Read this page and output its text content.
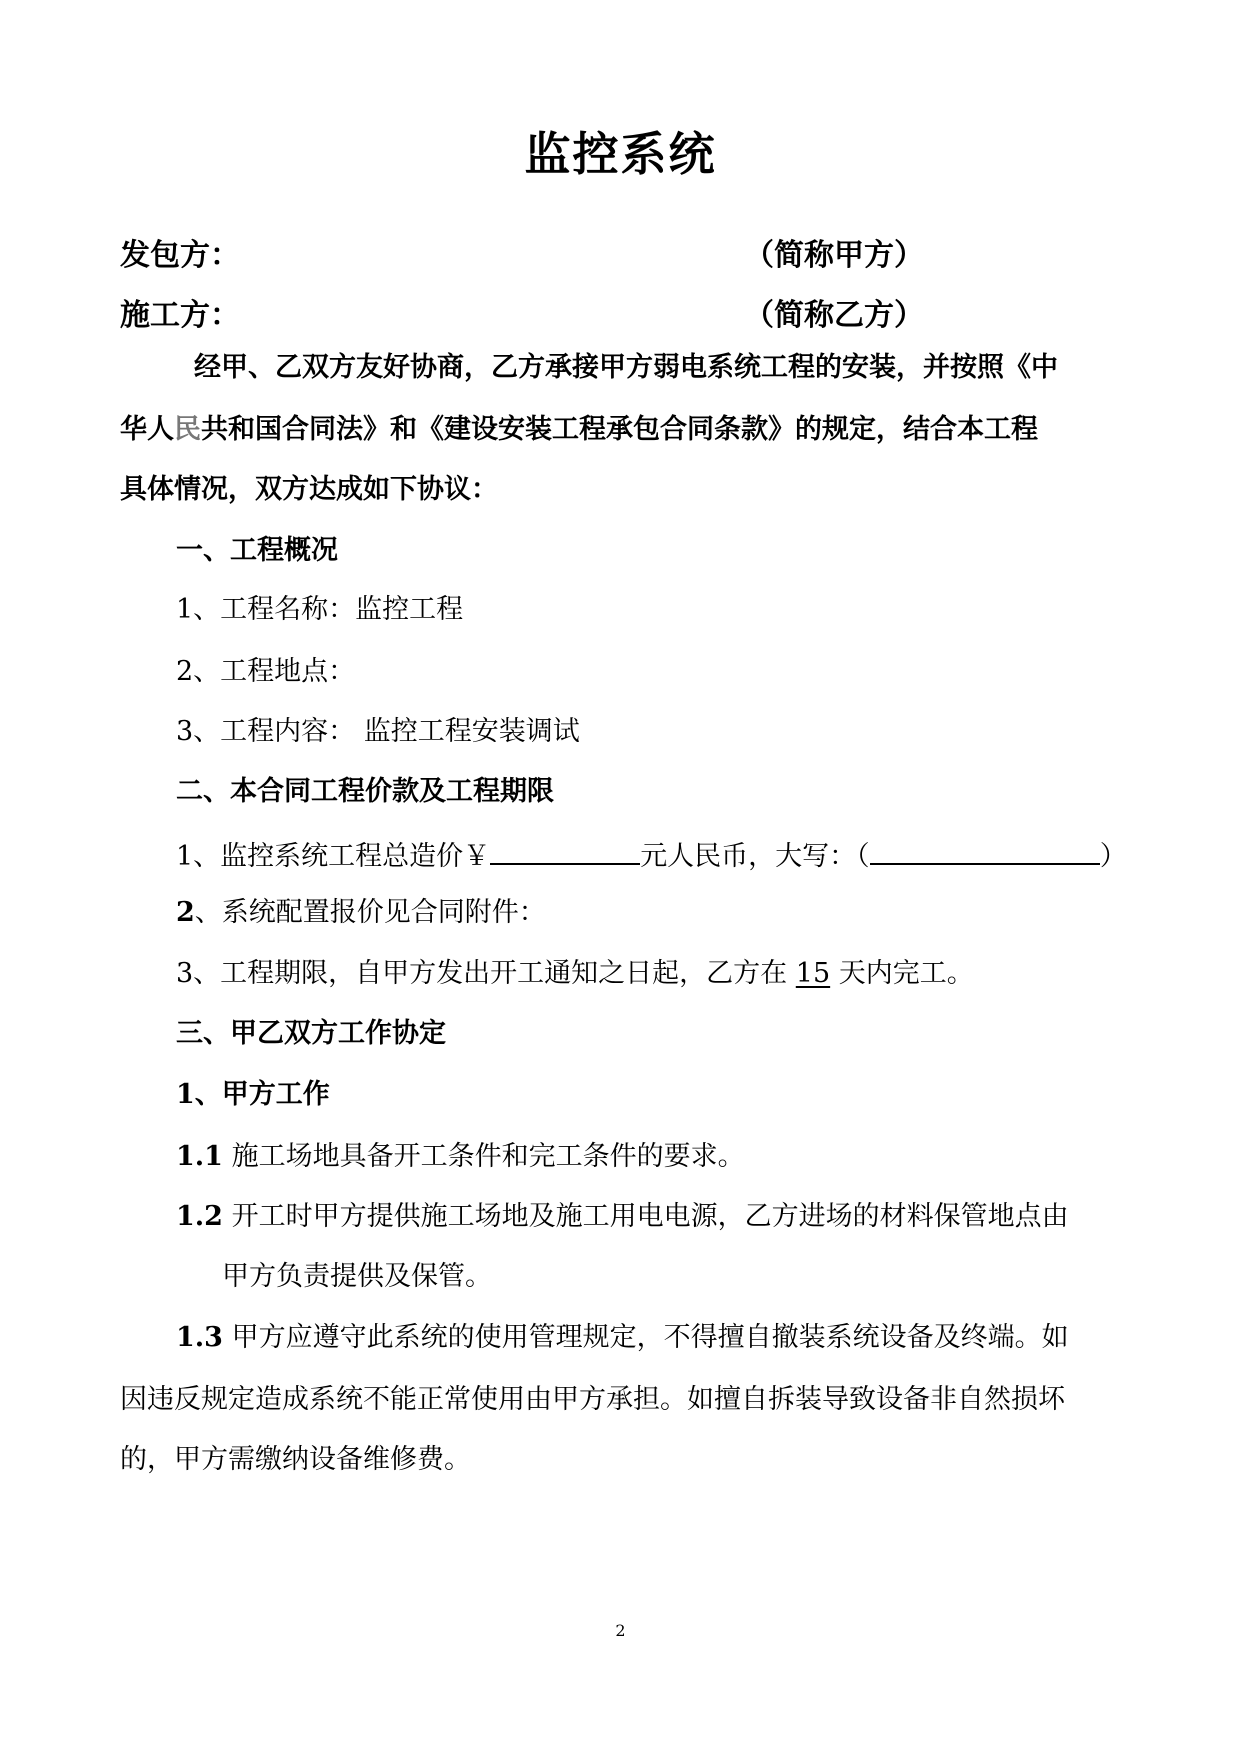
监控系统
发包方：	（简称甲方）
施工方：	（简称乙方）
经甲、乙双方友好协商，乙方承接甲方弱电系统工程的安装，并按照《中
华人民共和国合同法》和《建设安装工程承包合同条款》的规定，结合本工程
具体情况，双方达成如下协议：
一、工程概况
1、工程名称：监控工程
2、工程地点：
3、工程内容： 监控工程安装调试
二、本合同工程价款及工程期限
1、监控系统工程总造价￥	元人民币，大写：（	）
2、系统配置报价见合同附件：
3、工程期限，自甲方发出开工通知之日起，乙方在 15 天内完工。
三、甲乙双方工作协定
1、甲方工作
1.1 施工场地具备开工条件和完工条件的要求。
1.2 开工时甲方提供施工场地及施工用电电源，乙方进场的材料保管地点由
甲方负责提供及保管。
1.3 甲方应遵守此系统的使用管理规定，不得擅自撤装系统设备及终端。如
因违反规定造成系统不能正常使用由甲方承担。如擅自拆装导致设备非自然损坏
的，甲方需缴纳设备维修费。
2
